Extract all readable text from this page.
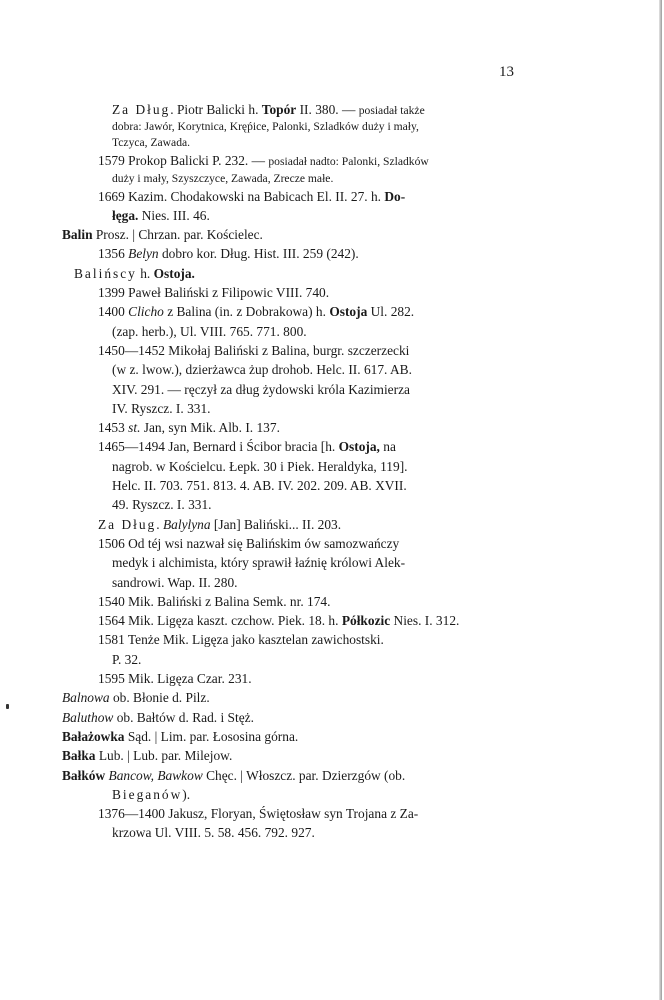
13
Za Dług. Piotr Balicki h. Topór II. 380. — posiadał także
dobra: Jawór, Korytnica, Kręṕice, Palonki, Szladków duży i mały,
Tczyca, Zawada.
1579 Prokop Balicki P. 232. — posiadał nadto: Palonki, Szladków
duży i mały, Szyszczyce, Zawada, Zrecze małe.
1669 Kazim. Chodakowski na Babicach El. II. 27. h. Do-
łęga. Nies. III. 46.
Balin Prosz. | Chrzan. par. Kościelec.
1356 Belyn dobro kor. Dług. Hist. III. 259 (242).
Balińscy h. Ostoja.
1399 Paweł Baliński z Filipowic VIII. 740.
1400 Clicho z Balina (in. z Dobrakowa) h. Ostoja Ul. 282.
(zap. herb.), Ul. VIII. 765. 771. 800.
1450—1452 Mikołaj Baliński z Balina, burgr. szczerzecki
(w z. lwow.), dzierżawca żup drohob. Helc. II. 617. AB.
XIV. 291. — ręczył za dług żydowski króla Kazimierza
IV. Ryszcz. I. 331.
1453 st. Jan, syn Mik. Alb. I. 137.
1465—1494 Jan, Bernard i Ścibor bracia [h. Ostoja, na
nagrob. w Kościelcu. Łepk. 30 i Piek. Heraldyka, 119].
Helc. II. 703. 751. 813. 4. AB. IV. 202. 209. AB. XVII.
49. Ryszcz. I. 331.
Za Dług. Balylyna [Jan] Baliński... II. 203.
1506 Od téj wsi nazwał się Balińskim ów samozwańczy
medyk i alchimista, który sprawił łaźnię królowi Alek-
sandrowi. Wap. II. 280.
1540 Mik. Baliński z Balina Semk. nr. 174.
1564 Mik. Ligęza kaszt. czchow. Piek. 18. h. Półkozic Nies. I. 312.
1581 Tenże Mik. Ligęza jako kasztelan zawichostski.
P. 32.
1595 Mik. Ligęza Czar. 231.
Balnowa ob. Błonie d. Pilz.
Baluthow ob. Bałtów d. Rad. i Stęż.
Bałażowka Sąd. | Lim. par. Łososina górna.
Bałka Lub. | Lub. par. Milejow.
Bałków Bancow, Bawkow Chęc. | Włoszcz. par. Dzierzgów (ob.
Bieganów).
1376—1400 Jakusz, Floryan, Świętosław syn Trojana z Za-
krzowa Ul. VIII. 5. 58. 456. 792. 927.
